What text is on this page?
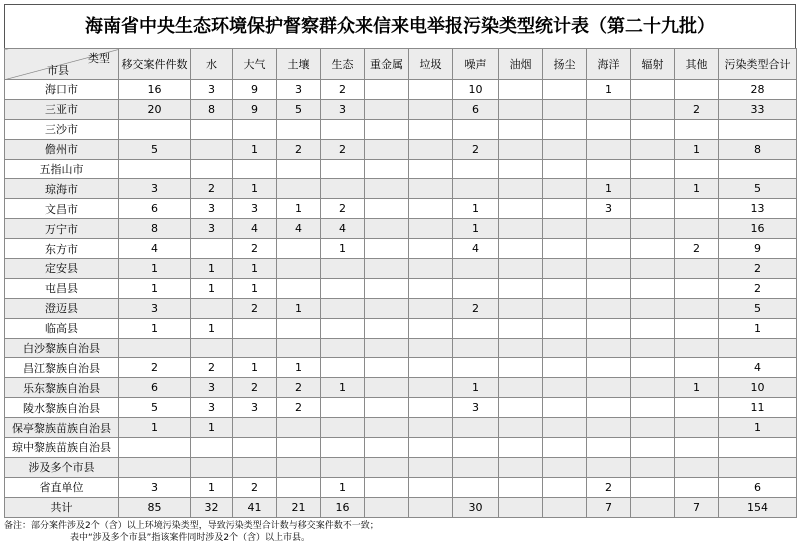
海南省中央生态环境保护督察群众来信来电举报污染类型统计表（第二十九批）
类型
市县	移交案件件数	水	大气	土壤	生态	重金属	垃圾	噪声	油烟	扬尘	海洋	辐射	其他	污染类型合计
海口市	16	3	9	3	2			10			1			28
三亚市	20	8	9	5	3			6					2	33
三沙市														
儋州市	5		1	2	2			2					1	8
五指山市														
琼海市	3	2	1								1		1	5
文昌市	6	3	3	1	2			1			3			13
万宁市	8	3	4	4	4			1						16
东方市	4		2		1			4					2	9
定安县	1	1	1											2
屯昌县	1	1	1											2
澄迈县	3		2	1				2						5
临高县	1	1												1
白沙黎族自治县														
昌江黎族自治县	2	2	1	1										4
乐东黎族自治县	6	3	2	2	1			1					1	10
陵水黎族自治县	5	3	3	2				3						11
保亭黎族苗族自治县	1	1												1
琼中黎族苗族自治县														
涉及多个市县														
省直单位	3	1	2		1						2			6
共计	85	32	41	21	16			30			7		7	154
备注：部分案件涉及2个（含）以上环境污染类型，导致污染类型合计数与移交案件数不一致；
表中“涉及多个市县”指该案件同时涉及2个（含）以上市县。
